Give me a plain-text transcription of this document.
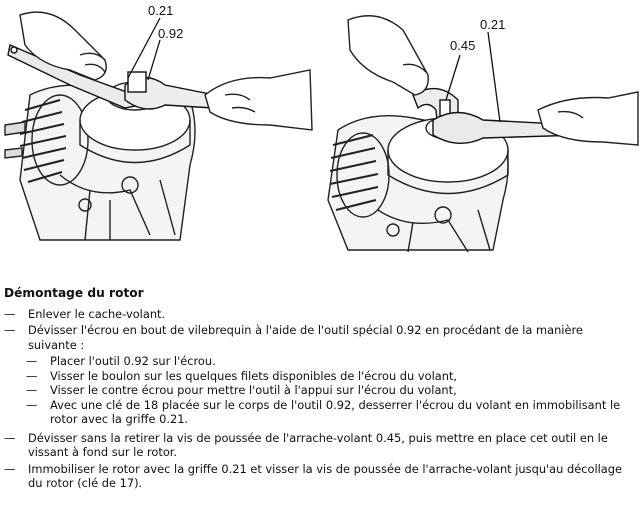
0.21
0.92
0.21
0.45
Démontage du rotor
— Enlever le cache-volant.
— Dévisser l'écrou en bout de vilebrequin à l'aide de l'outil spécial 0.92 en procédant de la manière suivante :
— Placer l'outil 0.92 sur l'écrou.
— Visser le boulon sur les quelques filets disponibles de l'écrou du volant,
— Visser le contre écrou pour mettre l'outil à l'appui sur l'écrou du volant,
— Avec une clé de 18 placée sur le corps de l'outil 0.92, desserrer l'écrou du volant en immobilisant le rotor avec la griffe 0.21.
— Dévisser sans la retirer la vis de poussée de l'arrache-volant 0.45, puis mettre en place cet outil en le vissant à fond sur le rotor.
— Immobiliser le rotor avec la griffe 0.21 et visser la vis de poussée de l'arrache-volant jusqu'au décollage du rotor (clé de 17).
